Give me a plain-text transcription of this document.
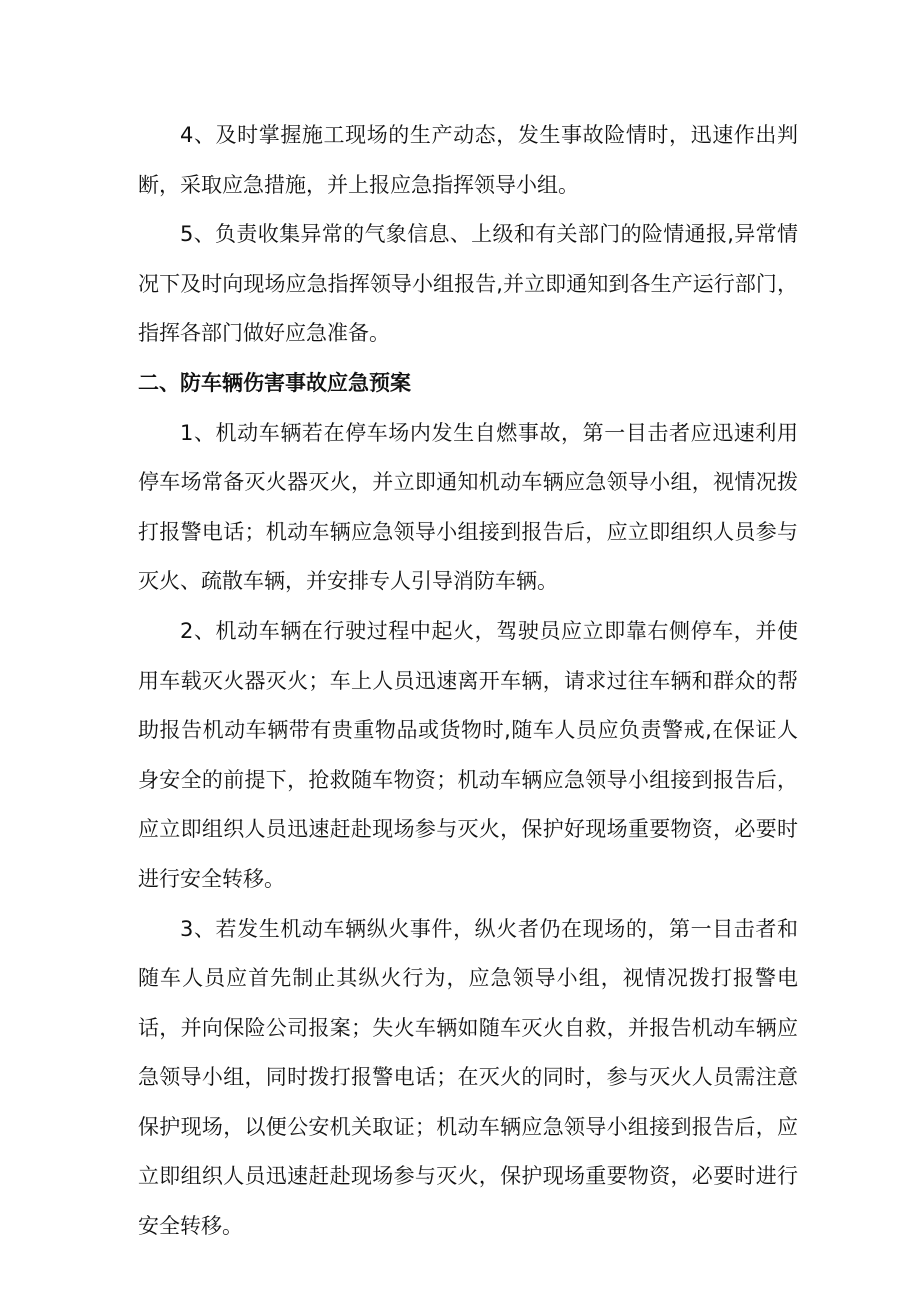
4、及时掌握施工现场的生产动态，发生事故险情时，迅速作出判断，采取应急措施，并上报应急指挥领导小组。

5、负责收集异常的气象信息、上级和有关部门的险情通报,异常情况下及时向现场应急指挥领导小组报告,并立即通知到各生产运行部门，指挥各部门做好应急准备。

二、防车辆伤害事故应急预案

1、机动车辆若在停车场内发生自燃事故，第一目击者应迅速利用停车场常备灭火器灭火，并立即通知机动车辆应急领导小组，视情况拨打报警电话；机动车辆应急领导小组接到报告后，应立即组织人员参与灭火、疏散车辆，并安排专人引导消防车辆。

2、机动车辆在行驶过程中起火，驾驶员应立即靠右侧停车，并使用车载灭火器灭火；车上人员迅速离开车辆，请求过往车辆和群众的帮助报告机动车辆带有贵重物品或货物时,随车人员应负责警戒,在保证人身安全的前提下，抢救随车物资；机动车辆应急领导小组接到报告后，应立即组织人员迅速赶赴现场参与灭火，保护好现场重要物资，必要时进行安全转移。

3、若发生机动车辆纵火事件，纵火者仍在现场的，第一目击者和随车人员应首先制止其纵火行为，应急领导小组，视情况拨打报警电话，并向保险公司报案；失火车辆如随车灭火自救，并报告机动车辆应急领导小组，同时拨打报警电话；在灭火的同时，参与灭火人员需注意保护现场，以便公安机关取证；机动车辆应急领导小组接到报告后，应立即组织人员迅速赶赴现场参与灭火，保护现场重要物资，必要时进行安全转移。
